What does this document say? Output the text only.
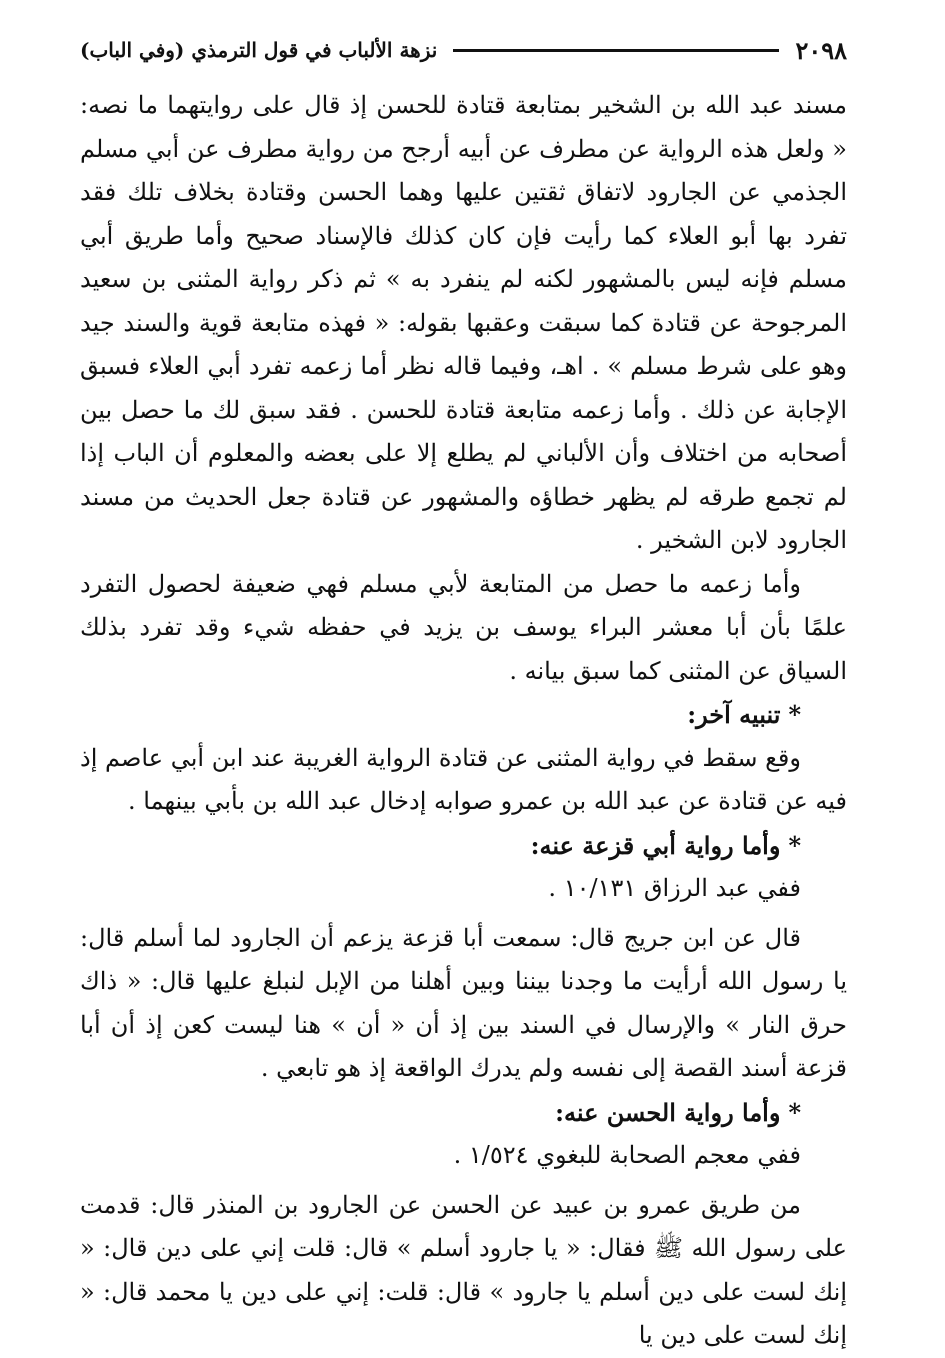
٢٠٩٨
نزهة الألباب في قول الترمذي (وفي الباب)

مسند عبد الله بن الشخير بمتابعة قتادة للحسن إذ قال على روايتهما ما نصه: « ولعل هذه الرواية عن مطرف عن أبيه أرجح من رواية مطرف عن أبي مسلم الجذمي عن الجارود لاتفاق ثقتين عليها وهما الحسن وقتادة بخلاف تلك فقد تفرد بها أبو العلاء كما رأيت فإن كان كذلك فالإسناد صحيح وأما طريق أبي مسلم فإنه ليس بالمشهور لكنه لم ينفرد به » ثم ذكر رواية المثنى بن سعيد المرجوحة عن قتادة كما سبقت وعقبها بقوله: « فهذه متابعة قوية والسند جيد وهو على شرط مسلم » . اهـ، وفيما قاله نظر أما زعمه تفرد أبي العلاء فسبق الإجابة عن ذلك . وأما زعمه متابعة قتادة للحسن . فقد سبق لك ما حصل بين أصحابه من اختلاف وأن الألباني لم يطلع إلا على بعضه والمعلوم أن الباب إذا لم تجمع طرقه لم يظهر خطاؤه والمشهور عن قتادة جعل الحديث من مسند الجارود لابن الشخير .

وأما زعمه ما حصل من المتابعة لأبي مسلم فهي ضعيفة لحصول التفرد علمًا بأن أبا معشر البراء يوسف بن يزيد في حفظه شيء وقد تفرد بذلك السياق عن المثنى كما سبق بيانه .

*تنبيه آخر:

وقع سقط في رواية المثنى عن قتادة الرواية الغريبة عند ابن أبي عاصم إذ فيه عن قتادة عن عبد الله بن عمرو صوابه إدخال عبد الله بن بأبي بينهما .

*وأما رواية أبي قزعة عنه:

ففي عبد الرزاق ١٠/١٣١ .

قال عن ابن جريج قال: سمعت أبا قزعة يزعم أن الجارود لما أسلم قال: يا رسول الله أرأيت ما وجدنا بيننا وبين أهلنا من الإبل لنبلغ عليها قال: « ذاك حرق النار » والإرسال في السند بين إذ أن « أن » هنا ليست كعن إذ أن أبا قزعة أسند القصة إلى نفسه ولم يدرك الواقعة إذ هو تابعي .

*وأما رواية الحسن عنه:

ففي معجم الصحابة للبغوي ١/٥٢٤ .

من طريق عمرو بن عبيد عن الحسن عن الجارود بن المنذر قال: قدمت على رسول الله ﷺ فقال: « يا جارود أسلم » قال: قلت إني على دين قال: « إنك لست على دين أسلم يا جارود » قال: قلت: إني على دين يا محمد قال: « إنك لست على دين يا
